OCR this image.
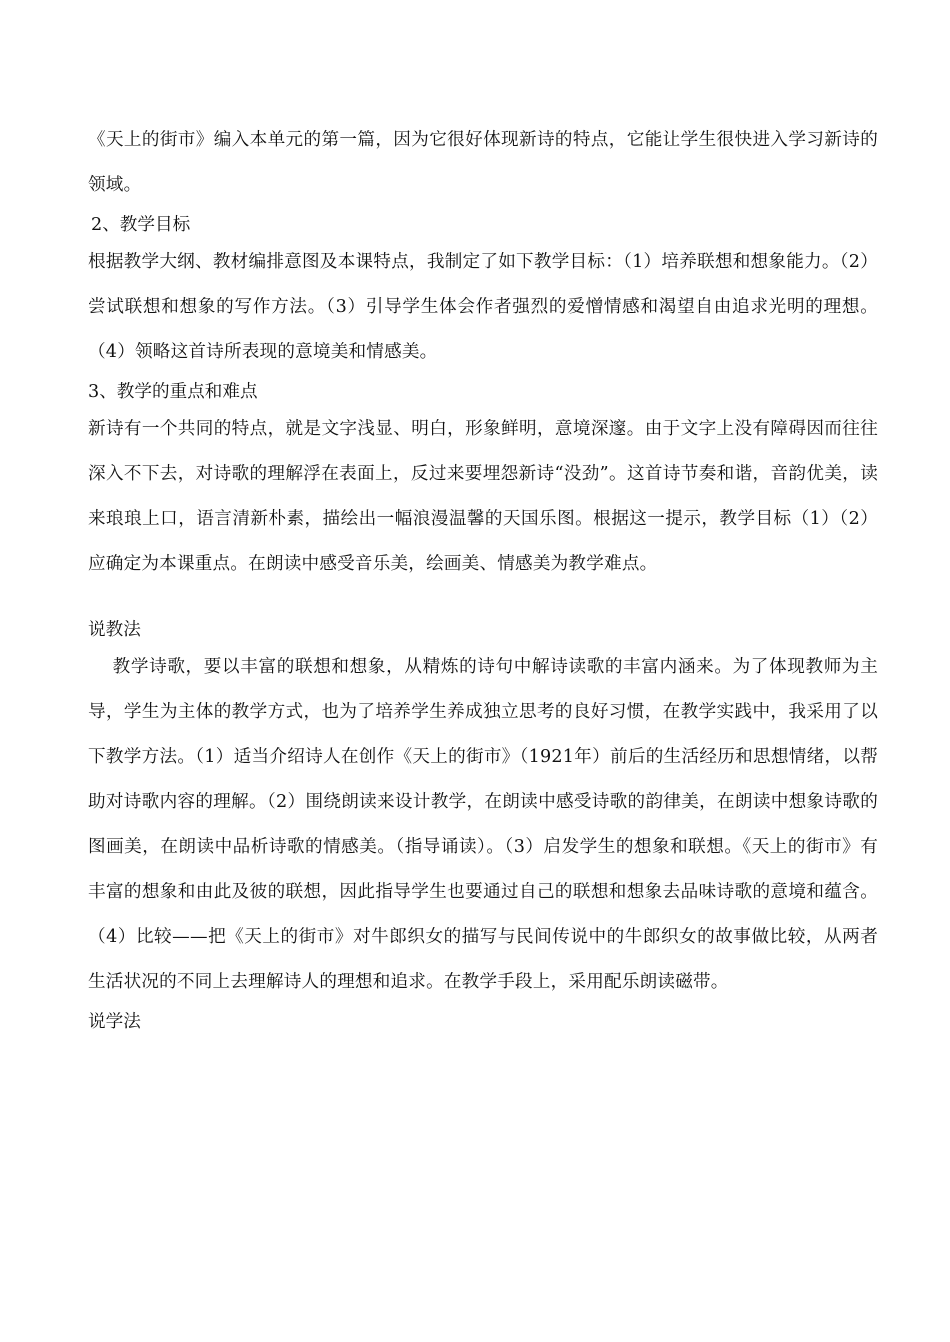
《天上的街市》编入本单元的第一篇，因为它很好体现新诗的特点，它能让学生很快进入学习新诗的领域。

2、教学目标

根据教学大纲、教材编排意图及本课特点，我制定了如下教学目标：（1）培养联想和想象能力。（2）尝试联想和想象的写作方法。（3）引导学生体会作者强烈的爱憎情感和渴望自由追求光明的理想。（4）领略这首诗所表现的意境美和情感美。

3、教学的重点和难点

新诗有一个共同的特点，就是文字浅显、明白，形象鲜明，意境深邃。由于文字上没有障碍因而往往深入不下去，对诗歌的理解浮在表面上，反过来要埋怨新诗“没劲”。这首诗节奏和谐，音韵优美，读来琅琅上口，语言清新朴素，描绘出一幅浪漫温馨的天国乐图。根据这一提示，教学目标（1）（2）应确定为本课重点。在朗读中感受音乐美，绘画美、情感美为教学难点。

说教法

教学诗歌，要以丰富的联想和想象，从精炼的诗句中解诗读歌的丰富内涵来。为了体现教师为主导，学生为主体的教学方式，也为了培养学生养成独立思考的良好习惯，在教学实践中，我采用了以下教学方法。（1）适当介绍诗人在创作《天上的街市》（1921年）前后的生活经历和思想情绪，以帮助对诗歌内容的理解。（2）围绕朗读来设计教学，在朗读中感受诗歌的韵律美，在朗读中想象诗歌的图画美，在朗读中品析诗歌的情感美。（指导诵读）。（3）启发学生的想象和联想。《天上的街市》有丰富的想象和由此及彼的联想，因此指导学生也要通过自己的联想和想象去品味诗歌的意境和蕴含。（4）比较——把《天上的街市》对牛郎织女的描写与民间传说中的牛郎织女的故事做比较，从两者生活状况的不同上去理解诗人的理想和追求。在教学手段上，采用配乐朗读磁带。

说学法
